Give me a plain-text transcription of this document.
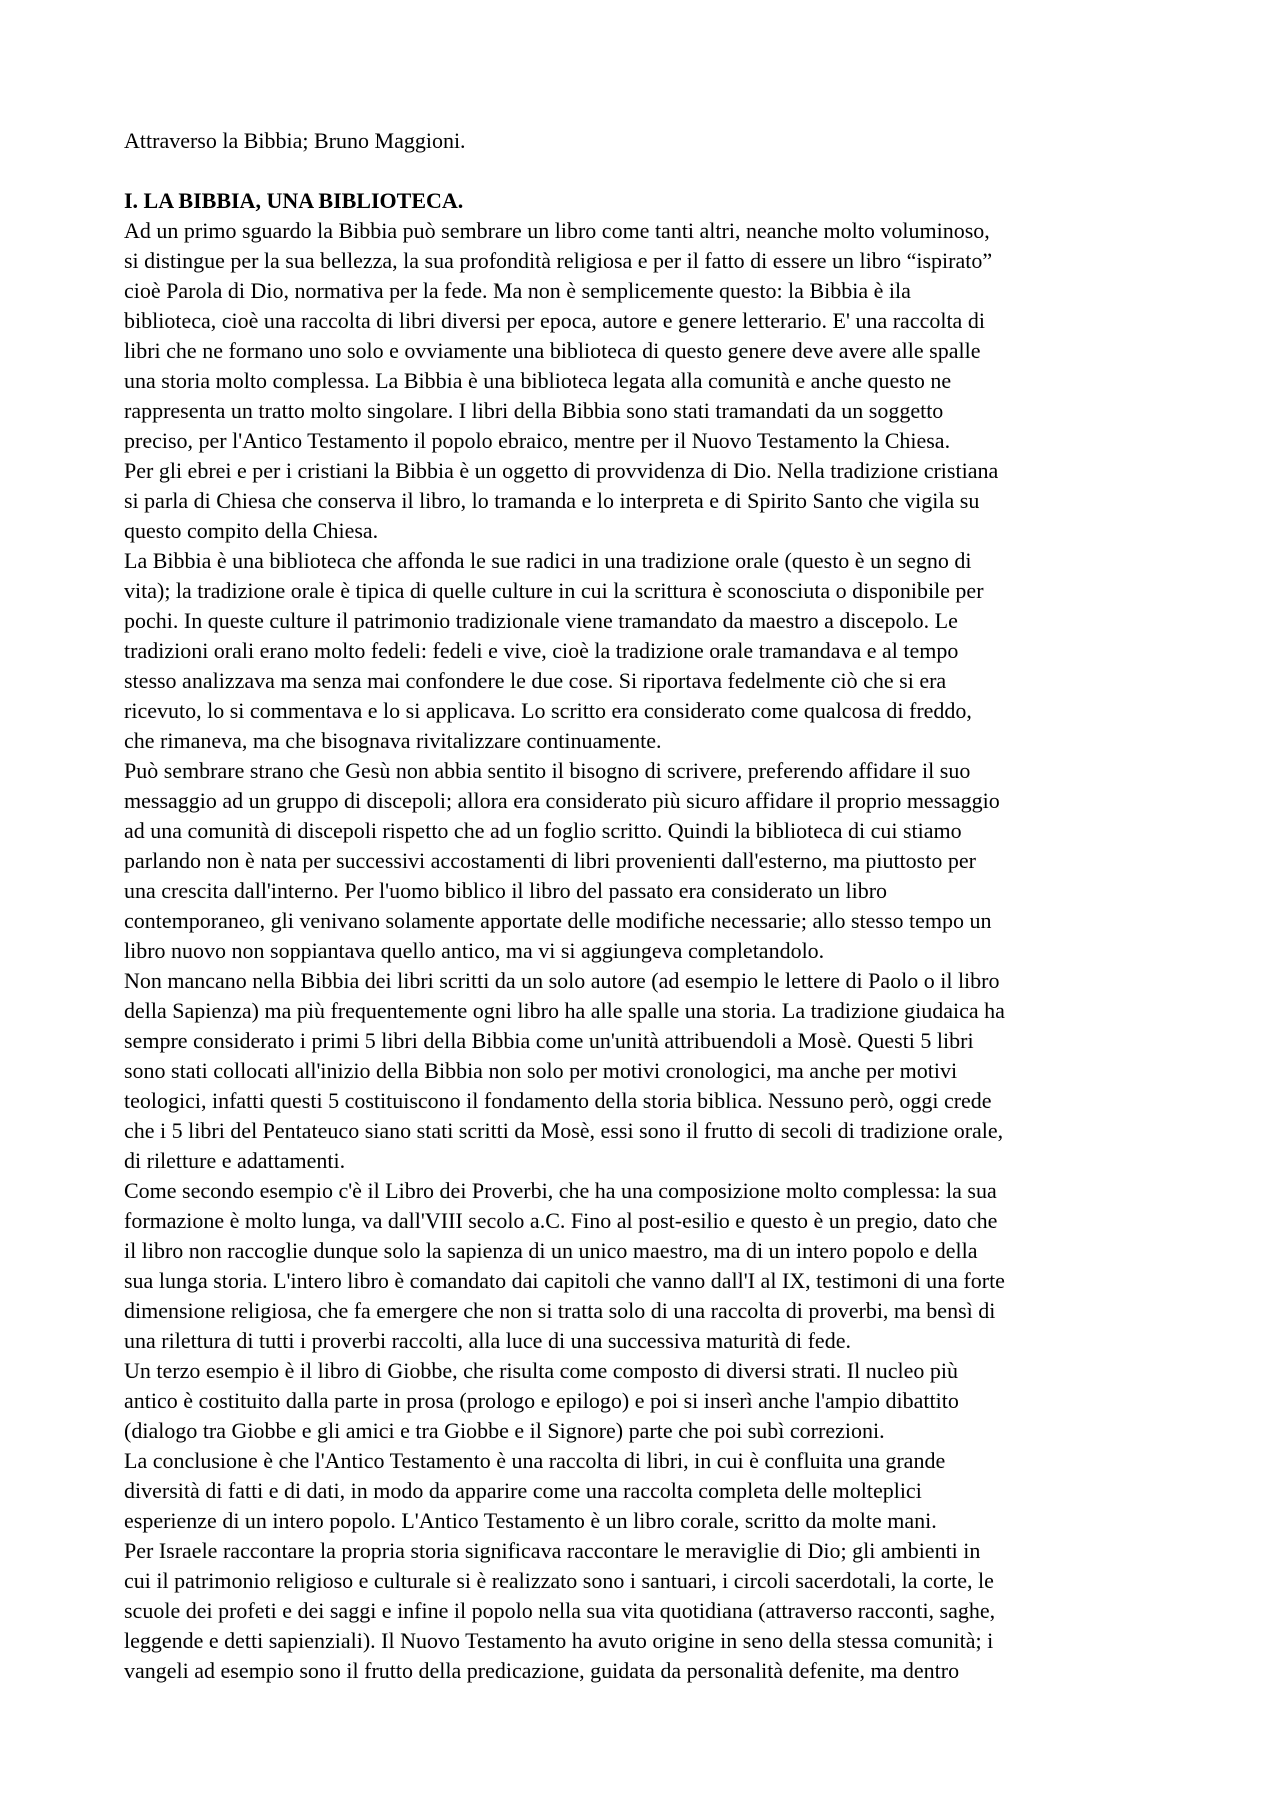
Attraverso la Bibbia; Bruno Maggioni.
I. LA BIBBIA, UNA BIBLIOTECA.
Ad un primo sguardo la Bibbia può sembrare un libro come tanti altri, neanche molto voluminoso,
si distingue per la sua bellezza, la sua profondità religiosa e per il fatto di essere un libro “ispirato”
cioè Parola di Dio, normativa per la fede. Ma non è semplicemente questo: la Bibbia è ila
biblioteca, cioè una raccolta di libri diversi per epoca, autore e genere letterario. E' una raccolta di
libri che ne formano uno solo e ovviamente una biblioteca di questo genere deve avere alle spalle
una storia molto complessa. La Bibbia è una biblioteca legata alla comunità e anche questo ne
rappresenta un tratto molto singolare. I libri della Bibbia sono stati tramandati da un soggetto
preciso, per l'Antico Testamento il popolo ebraico, mentre per il Nuovo Testamento la Chiesa.
Per gli ebrei e per i cristiani la Bibbia è un oggetto di provvidenza di Dio. Nella tradizione cristiana
si parla di Chiesa che conserva il libro, lo tramanda e lo interpreta e di Spirito Santo che vigila su
questo compito della Chiesa.
La Bibbia è una biblioteca che affonda le sue radici in una tradizione orale (questo è un segno di
vita); la tradizione orale è tipica di quelle culture in cui la scrittura è sconosciuta o disponibile per
pochi. In queste culture il patrimonio tradizionale viene tramandato da maestro a discepolo. Le
tradizioni orali erano molto fedeli: fedeli e vive, cioè la tradizione orale tramandava e al tempo
stesso analizzava ma senza mai confondere le due cose. Si riportava fedelmente ciò che si era
ricevuto, lo si commentava e lo si applicava. Lo scritto era considerato come qualcosa di freddo,
che rimaneva, ma che bisognava rivitalizzare continuamente.
Può sembrare strano che Gesù non abbia sentito il bisogno di scrivere, preferendo affidare il suo
messaggio ad un gruppo di discepoli; allora era considerato più sicuro affidare il proprio messaggio
ad una comunità di discepoli rispetto che ad un foglio scritto. Quindi la biblioteca di cui stiamo
parlando non è nata per successivi accostamenti di libri provenienti dall'esterno, ma piuttosto per
una crescita dall'interno. Per l'uomo biblico il libro del passato era considerato un libro
contemporaneo, gli venivano solamente apportate delle modifiche necessarie; allo stesso tempo un
libro nuovo non soppiantava quello antico, ma vi si aggiungeva completandolo.
Non mancano nella Bibbia dei libri scritti da un solo autore (ad esempio le lettere di Paolo o il libro
della Sapienza) ma più frequentemente ogni libro ha alle spalle una storia. La tradizione giudaica ha
sempre considerato i primi 5 libri della Bibbia come un'unità attribuendoli a Mosè. Questi 5 libri
sono stati collocati all'inizio della Bibbia non solo per motivi cronologici, ma anche per motivi
teologici, infatti questi 5 costituiscono il fondamento della storia biblica. Nessuno però, oggi crede
che i 5 libri del Pentateuco siano stati scritti da Mosè, essi sono il frutto di secoli di tradizione orale,
di riletture e adattamenti.
Come secondo esempio c'è il Libro dei Proverbi, che ha una composizione molto complessa: la sua
formazione è molto lunga, va dall'VIII secolo a.C. Fino al post-esilio e questo è un pregio, dato che
il libro non raccoglie dunque solo la sapienza di un unico maestro, ma di un intero popolo e della
sua lunga storia. L'intero libro è comandato dai capitoli che vanno dall'I al IX, testimoni di una forte
dimensione religiosa, che fa emergere che non si tratta solo di una raccolta di proverbi, ma bensì di
una rilettura di tutti i proverbi raccolti, alla luce di una successiva maturità di fede.
Un terzo esempio è il libro di Giobbe, che risulta come composto di diversi strati. Il nucleo più
antico è costituito dalla parte in prosa (prologo e epilogo) e poi si inserì anche l'ampio dibattito
(dialogo tra Giobbe e gli amici e tra Giobbe e il Signore) parte che poi subì correzioni.
La conclusione è che l'Antico Testamento è una raccolta di libri, in cui è confluita una grande
diversità di fatti e di dati, in modo da apparire come una raccolta completa delle molteplici
esperienze di un intero popolo. L'Antico Testamento è un libro corale, scritto da molte mani.
Per Israele raccontare la propria storia significava raccontare le meraviglie di Dio; gli ambienti in
cui il patrimonio religioso e culturale si è realizzato sono i santuari, i circoli sacerdotali, la corte, le
scuole dei profeti e dei saggi e infine il popolo nella sua vita quotidiana (attraverso racconti, saghe,
leggende e detti sapienziali). Il Nuovo Testamento ha avuto origine in seno della stessa comunità; i
vangeli ad esempio sono il frutto della predicazione, guidata da personalità defenite, ma dentro
